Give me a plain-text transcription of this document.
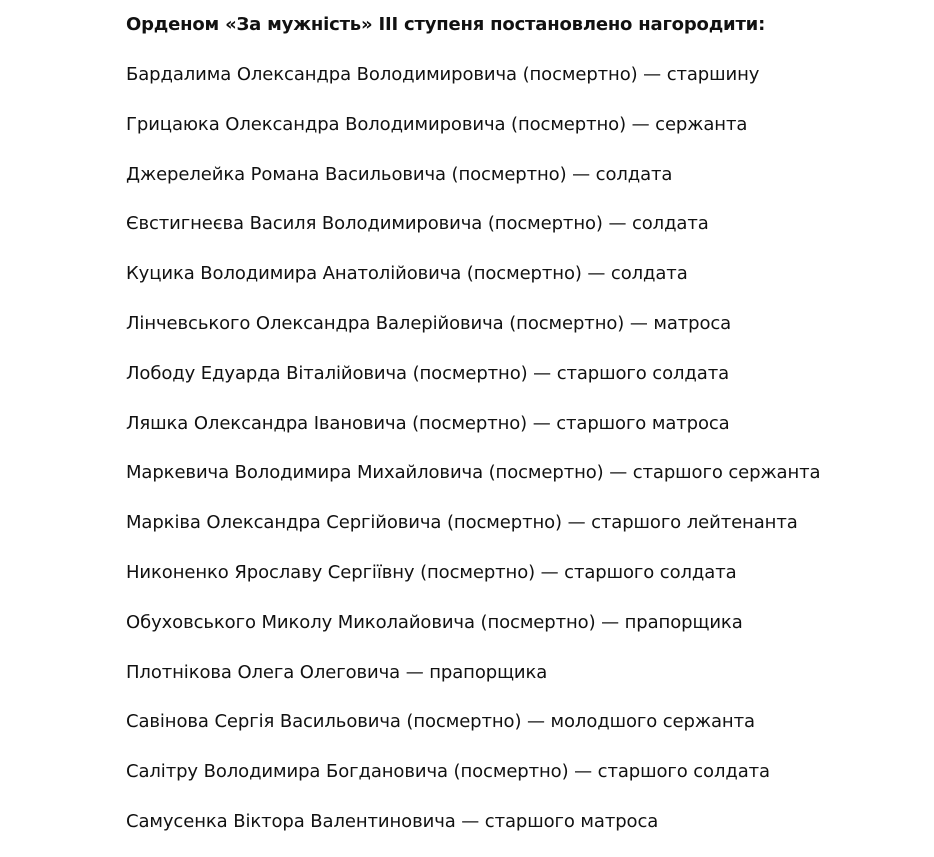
Орденом «За мужність» III ступеня постановлено нагородити:
Бардалима Олександра Володимировича (посмертно) — старшину
Грицаюка Олександра Володимировича (посмертно) — сержанта
Джерелейка Романа Васильовича (посмертно) — солдата
Євстигнеєва Василя Володимировича (посмертно) — солдата
Куцика Володимира Анатолійовича (посмертно) — солдата
Лінчевського Олександра Валерійовича (посмертно) — матроса
Лободу Едуарда Віталійовича (посмертно) — старшого солдата
Ляшка Олександра Івановича (посмертно) — старшого матроса
Маркевича Володимира Михайловича (посмертно) — старшого сержанта
Марківа Олександра Сергійовича (посмертно) — старшого лейтенанта
Никоненко Ярославу Сергіївну (посмертно) — старшого солдата
Обуховського Миколу Миколайовича (посмертно) — прапорщика
Плотнікова Олега Олеговича — прапорщика
Савінова Сергія Васильовича (посмертно) — молодшого сержанта
Салітру Володимира Богдановича (посмертно) — старшого солдата
Самусенка Віктора Валентиновича — старшого матроса
